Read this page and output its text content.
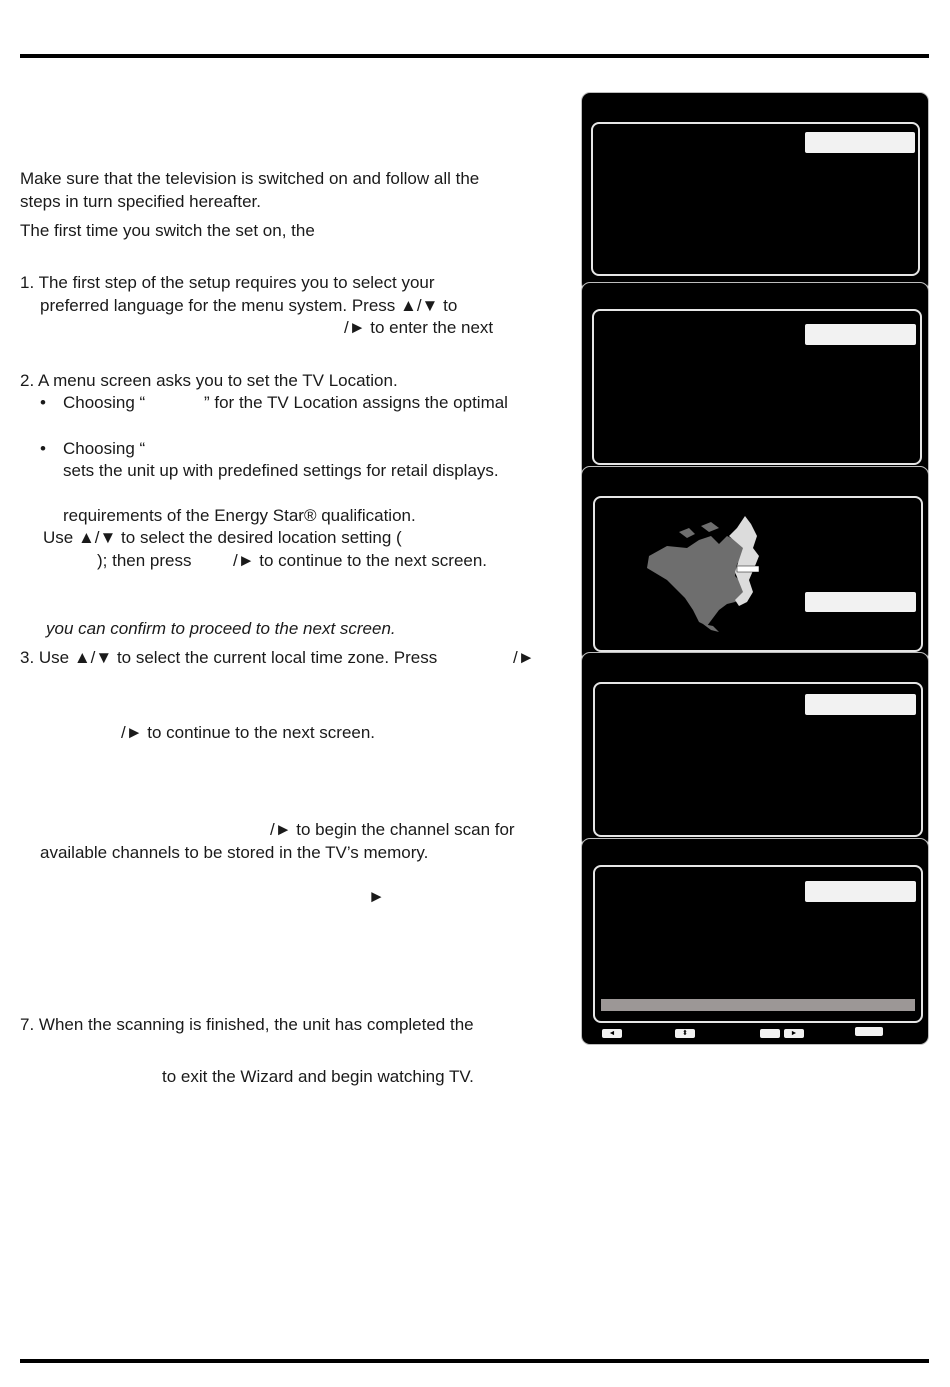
Make sure that the television is switched on and follow all the
steps in turn specified hereafter.
The first time you switch the set on, the
1. The first step of the setup requires you to select your
preferred language for the menu system. Press ▲/▼ to
/► to enter the next
2. A menu screen asks you to set the TV Location.
• Choosing “	” for the TV Location assigns the optimal
• Choosing “
sets the unit up with predefined settings for retail displays.
requirements of the Energy Star® qualification.
Use ▲/▼ to select the desired location setting (
); then press /► to continue to the next screen.
you can confirm to proceed to the next screen.
3. Use ▲/▼ to select the current local time zone. Press	/►
/► to continue to the next screen.
/► to begin the channel scan for
available channels to be stored in the TV’s memory.
►
7. When the scanning is finished, the unit has completed the
to exit the Wizard and begin watching TV.
◄	⬍	►
